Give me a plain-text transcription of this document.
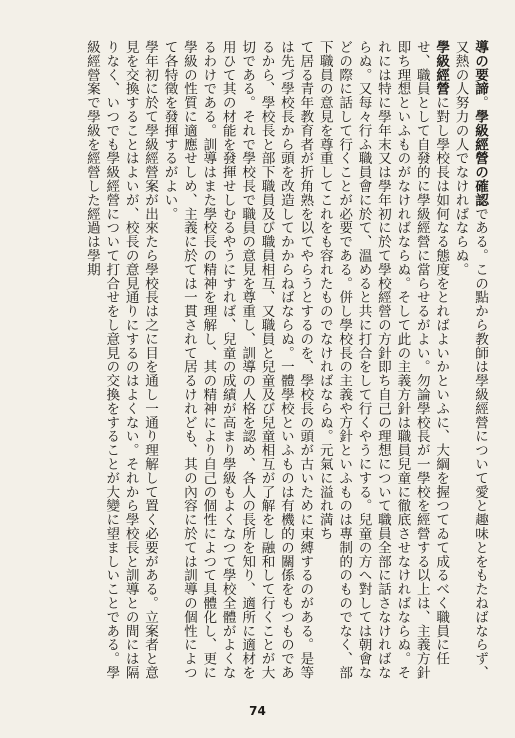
導の要諦。學級經營の確認である。この點から教師は學級經營について愛と趣味とをもたねばならず、又熱の人努力の人でなければならぬ。

學級經營に對し學校長は如何なる態度をとればよいかといふに、大綱を握つてゐて成るべく職員に任せ、職員として自發的に學級經營に當らせるがよい。勿論學校長が一學校を經營する以上は、主義方針即ち理想といふものがなければならぬ。そして此の主義方針は職員兒童に徹底させなければならぬ。それには特に學年末又は學年初に於て學校經營の方針即ち自己の理想について職員全部に話さなければならぬ。又每々行ふ職員會に於て、溫めると共に打合をして行くやうにする。兒童の方へ對しては朝會などの際に話して行くことが必要である。併し學校長の主義や方針といふものは專制的のものでなく、部下職員の意見を尊重してこれをも容れたものでなければならぬ。元氣に溢れ満ち

て居る青年教育者が折角熟を以てやらうとするのを、學校長の頭が古いために束縛するのがある。是等は先づ學校長から頭を改造してかからねばならぬ。一體學校といふものは有機的の關係をもつものであるから、學校長と部下職員及び職員相互、又職員と兒童及び兒童相互が了解をし融和して行くことが大切である。それで學校長で職員の意見を尊重し、訓導の人格を認め、各人の長所を知り、適所に適材を用ひて其の材能を發揮せしむるやうにすれば、兒童の成績が高まり學級もよくなつて學校全體がよくなるわけである。訓導はまた學校長の精神を理解し、其の精神により自己の個性によつて具體化し、更に學級の性質に適應せしめ、主義に於ては一貫されて居るけれども、其の內容に於ては訓導の個性によつて各特徵を發揮するがよい。

學年初に於て學級經營案が出來たら學校長は之に目を通し一通り理解して置く必要がある。立案者と意見を交換することはよいが、校長の意見通りにするのはよくない。それから學校長と訓導との間には隔りなく、いつでも學級經營について打合せをし意見の交換をすることが大變に望ましいことである。學級經營案で學級を經營した經過は學期

74
